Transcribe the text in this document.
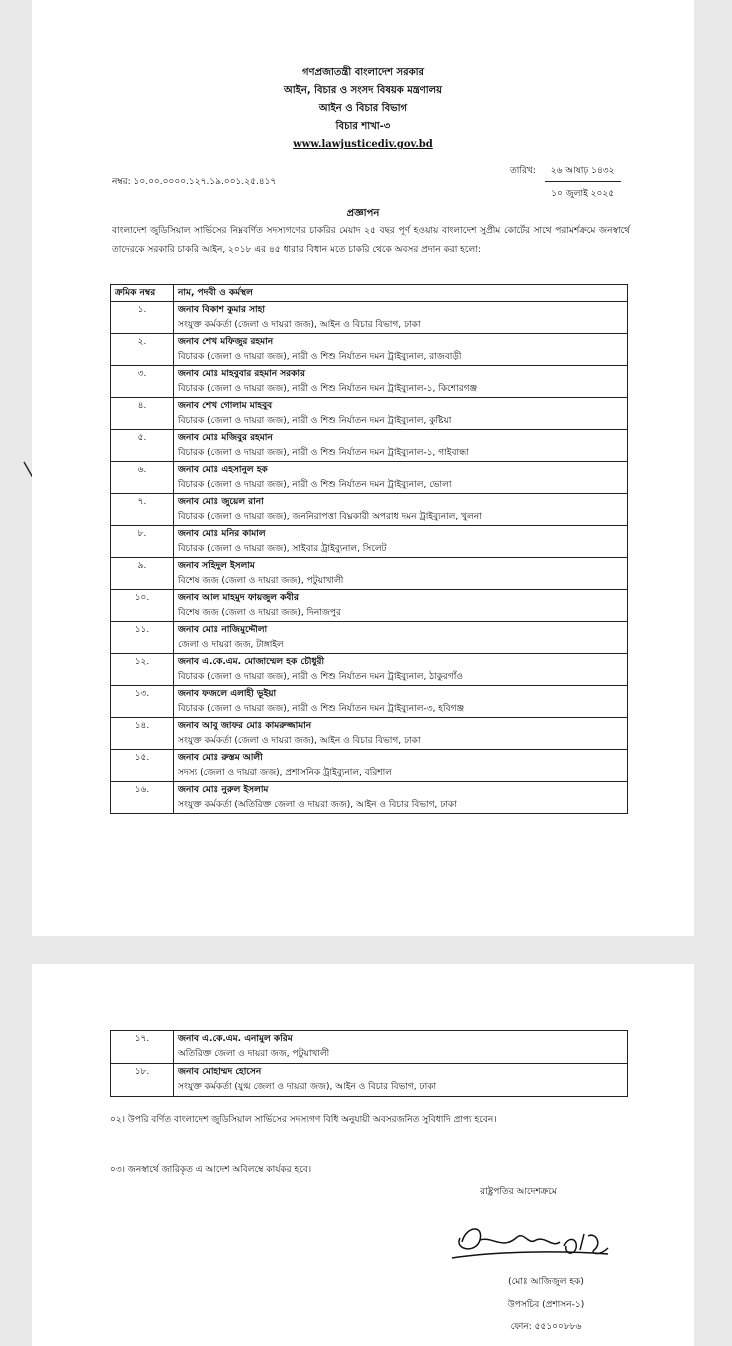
গণপ্রজাতন্ত্রী বাংলাদেশ সরকার
আইন, বিচার ও সংসদ বিষয়ক মন্ত্রণালয়
আইন ও বিচার বিভাগ
বিচার শাখা-৩
www.lawjusticediv.gov.bd
নম্বর: ১০.০০.০০০০.১২৭.১৯.০০১.২৫.৪১৭
তারিখ:	২৬ আষাঢ় ১৪৩২
১০ জুলাই ২০২৫
প্রজ্ঞাপন
বাংলাদেশ জুডিসিয়াল সার্ভিসের নিম্নবর্ণিত সদস্যগণের চাকরির মেয়াদ ২৫ বছর পূর্ণ হওয়ায় বাংলাদেশ সুপ্রীম কোর্টের সাথে পরামর্শক্রমে জনস্বার্থে তাদেরকে সরকারি চাকরি আইন, ২০১৮ এর ৪৫ ধারার বিধান মতে চাকরি থেকে অবসর প্রদান করা হলো:
ক্রমিক নম্বর	নাম, পদবী ও কর্মস্থল
১.	জনাব বিকাশ কুমার সাহা
সংযুক্ত কর্মকর্তা (জেলা ও দায়রা জজ), আইন ও বিচার বিভাগ, ঢাকা

২.	জনাব শেখ মফিজুর রহমান
বিচারক (জেলা ও দায়রা জজ), নারী ও শিশু নির্যাতন দমন ট্রাইব্যুনাল, রাজবাড়ী

৩.	জনাব মোঃ মাহবুবার রহমান সরকার
বিচারক (জেলা ও দায়রা জজ), নারী ও শিশু নির্যাতন দমন ট্রাইব্যুনাল-১, কিশোরগঞ্জ

৪.	জনাব শেখ গোলাম মাহবুব
বিচারক (জেলা ও দায়রা জজ), নারী ও শিশু নির্যাতন দমন ট্রাইব্যুনাল, কুষ্টিয়া

৫.	জনাব মোঃ মজিবুর রহমান
বিচারক (জেলা ও দায়রা জজ), নারী ও শিশু নির্যাতন দমন ট্রাইব্যুনাল-১, গাইবান্ধা

৬.	জনাব মোঃ এহসানুল হক
বিচারক (জেলা ও দায়রা জজ), নারী ও শিশু নির্যাতন দমন ট্রাইব্যুনাল, ভোলা

৭.	জনাব মোঃ জুয়েল রানা
বিচারক (জেলা ও দায়রা জজ), জননিরাপত্তা বিঘ্নকারী অপরাধ দমন ট্রাইব্যুনাল, খুলনা

৮.	জনাব মোঃ মনির কামাল
বিচারক (জেলা ও দায়রা জজ), সাইবার ট্রাইব্যুনাল, সিলেট

৯.	জনাব সহিদুল ইসলাম
বিশেষ জজ (জেলা ও দায়রা জজ), পটুয়াখালী

১০.	জনাব আল মাহমুদ ফায়জুল কবীর
বিশেষ জজ (জেলা ও দায়রা জজ), দিনাজপুর

১১.	জনাব মোঃ নাজিমুদ্দৌলা
জেলা ও দায়রা জজ, টাঙ্গাইল

১২.	জনাব এ.কে.এম. মোজাম্মেল হক চৌধুরী
বিচারক (জেলা ও দায়রা জজ), নারী ও শিশু নির্যাতন দমন ট্রাইব্যুনাল, ঠাকুরগাঁও

১৩.	জনাব ফজলে এলাহী ভূইয়া
বিচারক (জেলা ও দায়রা জজ), নারী ও শিশু নির্যাতন দমন ট্রাইব্যুনাল-৩, হবিগঞ্জ

১৪.	জনাব আবু জাফর মোঃ কামরুজ্জামান
সংযুক্ত কর্মকর্তা (জেলা ও দায়রা জজ), আইন ও বিচার বিভাগ, ঢাকা

১৫.	জনাব মোঃ রুস্তম আলী
সদস্য (জেলা ও দায়রা জজ), প্রশাসনিক ট্রাইব্যুনাল, বরিশাল

১৬.	জনাব মোঃ নুরুল ইসলাম
সংযুক্ত কর্মকর্তা (অতিরিক্ত জেলা ও দায়রা জজ), আইন ও বিচার বিভাগ, ঢাকা
১৭.	জনাব এ.কে.এম. এনামুল করিম
অতিরিক্ত জেলা ও দায়রা জজ, পটুয়াখালী

১৮.	জনাব মোহাম্মদ হোসেন
সংযুক্ত কর্মকর্তা (যুগ্ম জেলা ও দায়রা জজ), আইন ও বিচার বিভাগ, ঢাকা
০২। উপরি বর্ণিত বাংলাদেশ জুডিসিয়াল সার্ভিসের সদস্যগণ বিধি অনুযায়ী অবসরজনিত সুবিধাদি প্রাপ্য হবেন।
০৩। জনস্বার্থে জারিকৃত এ আদেশ অবিলম্বে কার্যকর হবে।
রাষ্ট্রপতির আদেশক্রমে
(মোঃ আজিজুল হক)
উপসচিব (প্রশাসন-১)
ফোন: ৫৫১০০৮৮৬
